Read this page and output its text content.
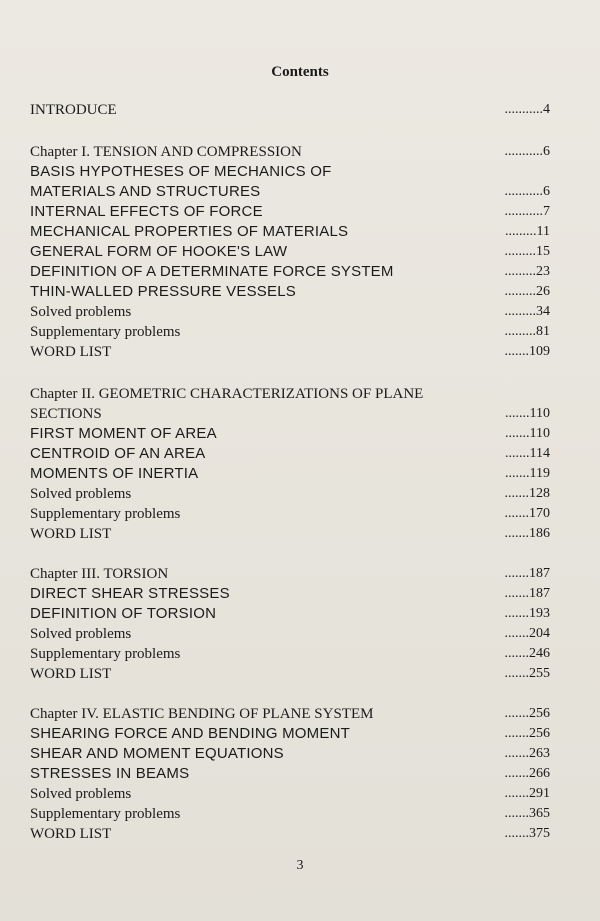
Contents
INTRODUCE	...........4
Chapter I. TENSION AND COMPRESSION	...........6
BASIS HYPOTHESES OF MECHANICS OF
MATERIALS AND STRUCTURES	...........6
INTERNAL EFFECTS OF FORCE	...........7
MECHANICAL PROPERTIES OF MATERIALS	.........11
GENERAL FORM OF HOOKE'S LAW	.........15
DEFINITION OF A DETERMINATE FORCE SYSTEM	.........23
THIN-WALLED PRESSURE VESSELS	.........26
Solved problems	.........34
Supplementary problems	.........81
WORD LIST	.......109
Chapter II. GEOMETRIC CHARACTERIZATIONS OF PLANE
SECTIONS	.......110
FIRST MOMENT OF AREA	.......110
CENTROID OF AN AREA	.......114
MOMENTS OF INERTIA	.......119
Solved problems	.......128
Supplementary problems	.......170
WORD LIST	.......186
Chapter III. TORSION	.......187
DIRECT SHEAR STRESSES	.......187
DEFINITION OF TORSION	.......193
Solved problems	.......204
Supplementary problems	.......246
WORD LIST	.......255
Chapter IV. ELASTIC BENDING OF PLANE SYSTEM	.......256
SHEARING FORCE AND BENDING MOMENT	.......256
SHEAR AND MOMENT EQUATIONS	.......263
STRESSES IN BEAMS	.......266
Solved problems	.......291
Supplementary problems	.......365
WORD LIST	.......375
3
